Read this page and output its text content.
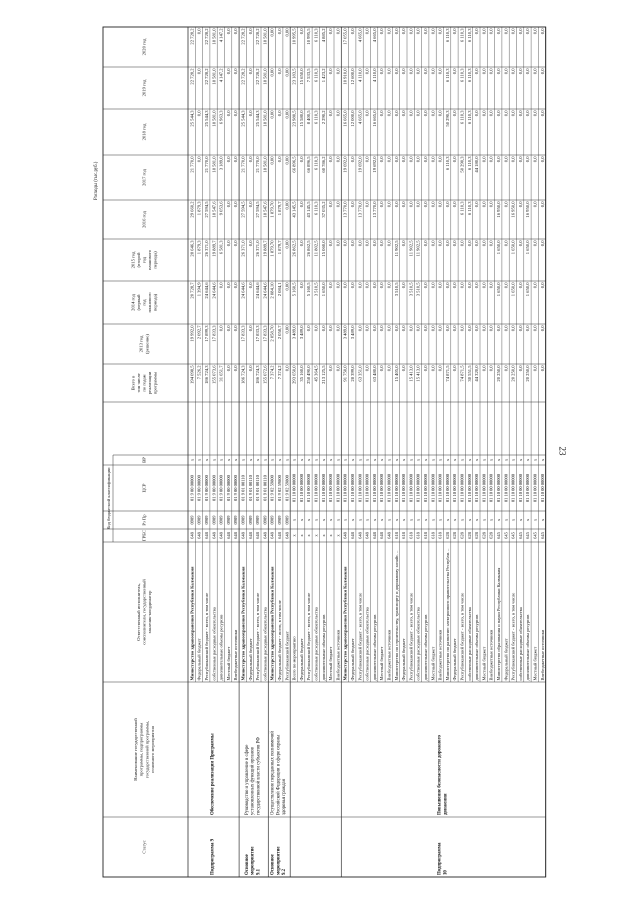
Расходы (тыс.руб.)
Статус
Наименование государственной программы, подпрограммы государственной программы, основного мероприятия
Ответственный исполнитель, соисполнители, государственный заказчик-координатор
Код бюджетной классификации
ГРБС
Рз Пр
ЦСР
ВР
Всего в том числе по годам реализации программы
2013 год (решение)
2014 год (первый год планового периода)
2015 год (второй год планового периода)
2016 год
2017 год
2018 год
2019 год
2020 год
Министерство здравоохранения Республики Калмыкия
648
0909
01 9 00 00000
x
194 098,5
19 992,0
20 728,7
28 646,3
29 660,2
21 770,0
25 544,3
22 728,2
22 728,2
Федеральный бюджет
648
0909
01 9 00 00000
x
7 526,2
2 092,7
1 394,9
1 879,3
1 879,3
0,0
0,0
0,0
0,0
Республиканский бюджет - всего, в том числе
648
0909
01 9 00 00000
x
186 724,3
17 899,3
24 644,6
26 371,0
27 594,5
21 770,0
25 544,3
22 728,2
22 728,2
собственные расходные обязательства
648
0909
01 9 00 00000
x
155 073,6
17 833,3
24 644,6
19 889,7
18 547,6
18 581,0
18 581,0
18 581,0
18 581,0
дополнительные объемы ресурсов
648
0909
01 9 00 00000
x
31 651,7
0,0
0,0
6 581,3
9 053,6
3 189,0
6 963,3
4 147,2
4 147,2
Местный бюджет
648
0909
01 9 00 00000
x
0,0
0,0
0,0
0,0
0,0
0,0
0,0
0,0
0,0
Внебюджетные источники
648
0909
01 9 00 00000
x
0,0
0,0
0,0
0,0
0,0
0,0
0,0
0,0
0,0
Подпрограмма 9
Обеспечение реализации Программы
Министерство здравоохранения Республики Калмыкия
648
0909
01 9 01 00110
x
186 724,3
17 833,3
24 644,6
26 371,0
27 594,5
21 770,0
25 544,3
22 728,2
22 728,2
Федеральный бюджет
648
0909
01 9 01 00110
x
0,0
0,0
0,0
0,0
0,0
0,0
0,0
0,0
0,0
Республиканский бюджет - всего, в том числе
648
0909
01 9 01 00110
x
186 724,3
17 833,3
24 644,6
26 371,0
27 594,5
21 770,0
25 544,3
22 728,2
22 728,2
собственные расходные обязательства
648
0909
01 9 01 00110
x
155 072,6
17 833,3
24 644,6
19 889,7
18 547,6
18 581,0
18 581,0
18 581,0
18 581,0
Основное мероприятие 9.1
Руководство и управление в сфере установленных функций органов государственной власти субъектов РФ
Министерство здравоохранения Республики Калмыкия
648
0909
01 9 02 59800
x
7 374,2
2 058,70
2 084,10
1 879,70
1 879,70
0,00
0,00
0,00
0,00
Федеральный бюджет - всего, в том числе
648
0909
01 9 02 59800
x
7 374,2
2 058,7
2 084,1
1 879,7
1 879,7
0,0
0,0
0,0
0,0
Республиканский бюджет
648
0909
01 9 02 59800
x
0,0
0,00
0,00
0,00
0,00
0,00
0,00
0,00
0,00
Основное мероприятие 9.2
Осуществление переданных полномочий Российской Федерации в сфере охраны здоровья граждан
Всего по мероприятию
x
x
01 10 00 00000
x
293 650,0
3 489,0
5 160,5
26 862,5
43 145,5
66 896,5
23 980,5
23 183,5
10 995,5
Федеральный бюджет
x
x
01 10 00 00000
x
35 160,0
3 489,0
0,0
0,0
0,0
0,0
15 580,0
15 650,0
0,0
Республиканский бюджет - всего, в том числе
x
x
01 10 00 00000
x
258 490,0
0,0
5 160,5
26 862,5
43 145,5
66 896,5
8 400,5
7 533,5
10 995,5
собственные расходные обязательства
x
x
01 10 00 00000
x
45 364,5
0,0
3 510,5
11 802,5
6 110,3
6 110,3
6 110,3
6 110,3
6 110,3
дополнительные объемы ресурсов
x
x
01 10 00 00000
x
213 125,5
0,0
1 650,0
15 060,0
37 035,2
60 786,2
2 290,2
1 423,2
4 885,2
Местный бюджет
x
x
01 10 00 00000
x
0,0
0,0
0,0
0,0
0,0
0,0
0,0
0,0
0,0
Внебюджетные источники
x
x
01 10 00 00000
x
0,0
0,0
0,0
0,0
0,0
0,0
0,0
0,0
0,0
Министерство здравоохранения Республики Калмыкия
648
x
01 10 00 00000
x
91 750,0
3 489,0
0,0
0,0
13 770,0
19 692,0
16 665,0
10 910,0
17 055,0
Федеральный бюджет
648
x
01 10 00 00000
x
28 399,0
3 489,0
0,0
0,0
0,0
0,0
12 000,0
12 600,0
0,0
Республиканский бюджет - всего, в том числе
648
x
01 10 00 00000
x
63 351,0
0,0
0,0
0,0
13 770,0
19 692,0
4 665,0
4 110,0
4 665,0
собственные расходные обязательства
648
x
01 10 00 00000
x
0,0
0,0
0,0
0,0
0,0
0,0
0,0
0,0
0,0
дополнительные объемы ресурсов
648
x
01 10 00 00000
x
63 480,0
0,0
0,0
0,0
13 770,0
19 692,0
16 665,0
4 110,0
4 665,0
Местный бюджет
648
x
01 10 00 00000
x
0,0
0,0
0,0
0,0
0,0
0,0
0,0
0,0
0,0
Внебюджетные источники
648
x
01 10 00 00000
x
0,0
0,0
0,0
0,0
0,0
0,0
0,0
0,0
0,0
Министерство по строительству, транспорту и дорожному хозяйс…
618
x
01 10 00 00000
x
15 405,0
0,0
3 510,5
11 902,5
0,0
0,0
0,0
0,0
0,0
Федеральный бюджет
618
x
01 10 00 00000
x
0,0
0,0
0,0
0,0
0,0
0,0
0,0
0,0
0,0
Республиканский бюджет - всего, в том числе
618
x
01 10 00 00000
x
15 413,0
0,0
3 510,5
11 902,5
0,0
0,0
0,0
0,0
0,0
собственные расходные обязательства
618
x
01 10 00 00000
x
15 413,0
0,0
3 510,5
11 902,5
0,0
0,0
0,0
0,0
0,0
дополнительные объемы ресурсов
618
x
01 10 00 00000
x
0,0
0,0
0,0
0,0
0,0
0,0
0,0
0,0
0,0
Местный бюджет
618
x
01 10 00 00000
x
0,0
0,0
0,0
0,0
0,0
0,0
0,0
0,0
0,0
Внебюджетные источники
618
x
01 10 00 00000
x
0,0
0,0
0,0
0,0
0,0
0,0
0,0
0,0
0,0
Министерство по развитию электронного правительства Республи…
628
x
01 10 00 00000
x
74 871,5
0,0
0,0
0,0
0,0
6 110,3
50 290,3
6 110,3
6 110,3
Федеральный бюджет
628
x
01 10 00 00000
x
0,0
0,0
0,0
0,0
0,0
0,0
0,0
0,0
0,0
Республиканский бюджет - всего, в том числе
628
x
01 10 00 00000
x
74 871,5
0,0
0,0
0,0
6 110,3
50 290,3
6 110,3
6 110,3
6 110,3
собственные расходные обязательства
628
x
01 10 00 00000
x
30 551,5
0,0
0,0
0,0
6 110,3
6 110,3
6 110,3
6 110,3
6 110,3
дополнительные объемы ресурсов
628
x
01 10 00 00000
x
44 320,0
0,0
0,0
0,0
0,0
44 180,0
0,0
0,0
0,0
Местный бюджет
628
x
01 10 00 00000
x
0,0
0,0
0,0
0,0
0,0
0,0
0,0
0,0
0,0
Внебюджетные источники
628
x
01 10 00 00000
x
0,0
0,0
0,0
0,0
0,0
0,0
0,0
0,0
0,0
Министерство образования и науки Республики Калмыкия
645
x
01 10 00 00000
x
20 250,0
0,0
1 650,0
1 650,0
16 950,0
0,0
0,0
0,0
0,0
Федеральный бюджет
645
x
01 10 00 00000
x
0,0
0,0
0,0
0,0
0,0
0,0
0,0
0,0
0,0
Республиканский бюджет - всего, в том числе
645
x
01 10 00 00000
x
20 250,0
0,0
1 650,0
1 650,0
16 950,0
0,0
0,0
0,0
0,0
собственные расходные обязательства
645
x
01 10 00 00000
x
0,0
0,0
0,0
0,0
0,0
0,0
0,0
0,0
0,0
дополнительные объемы ресурсов
645
x
01 10 00 00000
x
20 250,0
0,0
1 650,0
1 650,0
16 950,0
0,0
0,0
0,0
0,0
Местный бюджет
645
x
01 10 00 00000
x
0,0
0,0
0,0
0,0
0,0
0,0
0,0
0,0
0,0
Внебюджетные источники
645
x
01 10 00 00000
x
0,0
0,0
0,0
0,0
0,0
0,0
0,0
0,0
0,0
Подпрограмма 10
Повышение безопасности дорожного движения
23
